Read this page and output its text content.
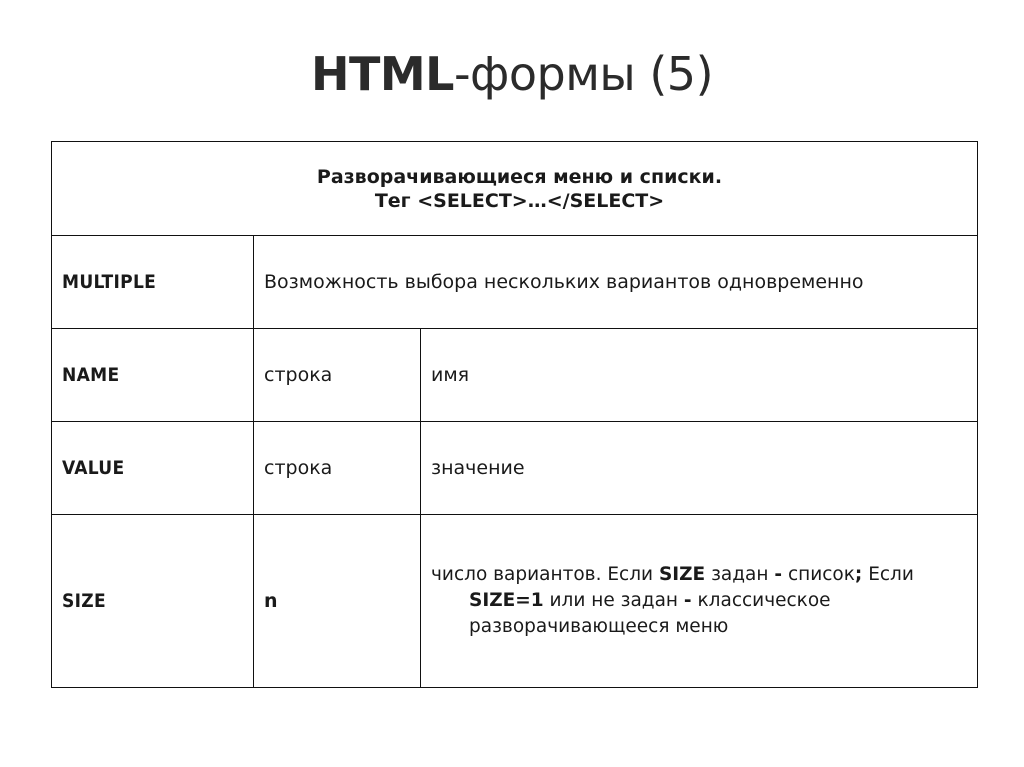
HTML-формы (5)
Разворачивающиеся меню и списки.
Тег <SELECT>…</SELECT>		

MULTIPLE	Возможность выбора нескольких вариантов одновременно	
NAME	строка	имя
VALUE	строка	значение
SIZE	n	число вариантов. Если SIZE задан - список; Если
SIZE=1 или не задан - классическое
разворачивающееся меню
